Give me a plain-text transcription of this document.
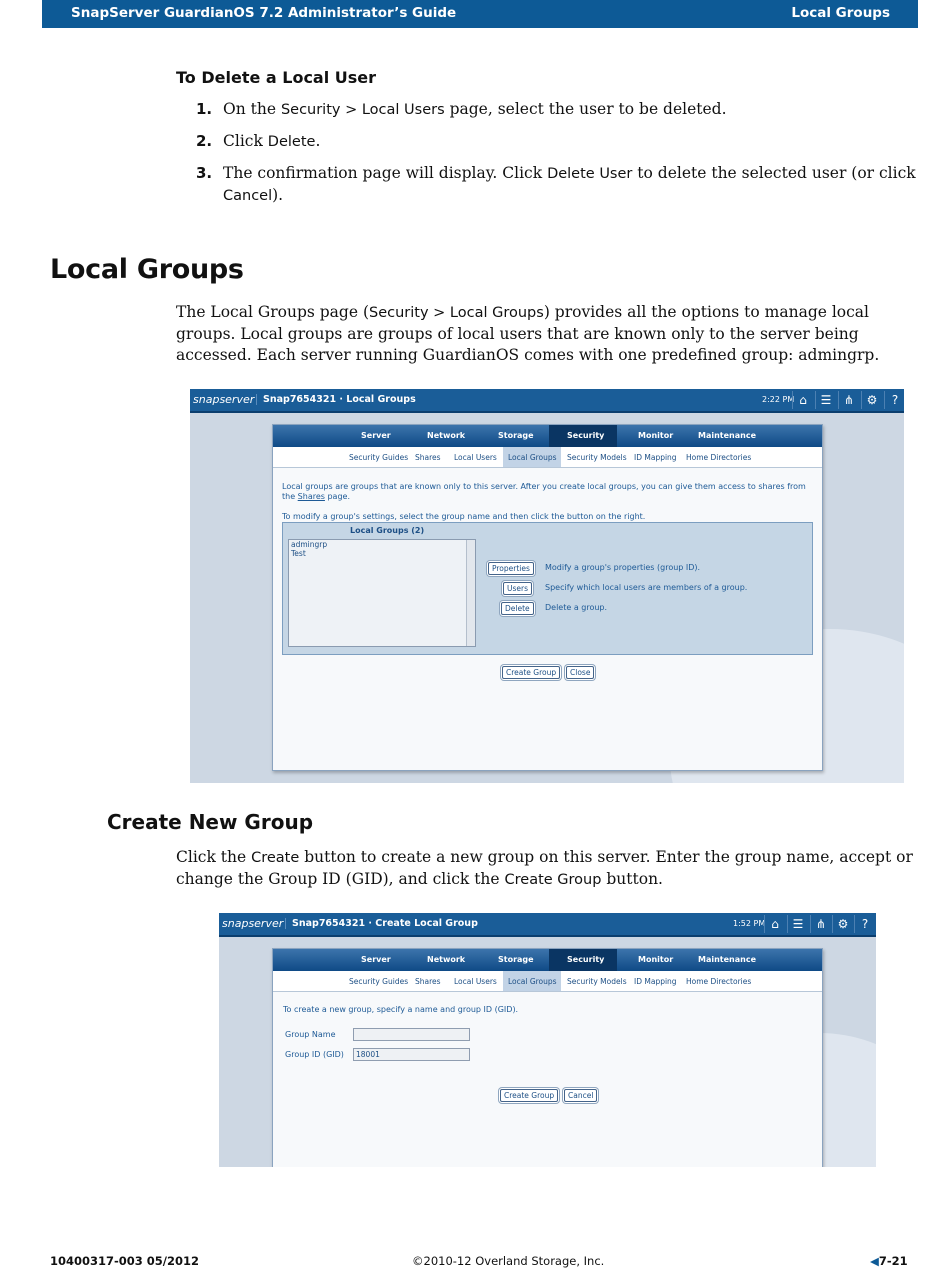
SnapServer GuardianOS 7.2 Administrator’s Guide	Local Groups
To Delete a Local User
1. On the Security > Local Users page, select the user to be deleted.
2. Click Delete.
3. The confirmation page will display. Click Delete User to delete the selected user (or click Cancel).
Local Groups
The Local Groups page (Security > Local Groups) provides all the options to manage local groups. Local groups are groups of local users that are known only to the server being accessed. Each server running GuardianOS comes with one predefined group: admingrp.
snapserver Snap7654321 · Local Groups	2:22 PM ⌂	☰	⋔	⚙	?
Server	Network	Storage	Security	Monitor	Maintenance
Security Guides Shares Local Users Local Groups Security Models ID Mapping Home Directories
Local groups are groups that are known only to this server. After you create local groups, you can give them access to shares from
the Shares page.
To modify a group's settings, select the group name and then click the button on the right.
Local Groups (2)
admingrp
Test
Properties	Modify a group's properties (group ID).
Users	Specify which local users are members of a group.
Delete	Delete a group.
Create Group	Close
Create New Group
Click the Create button to create a new group on this server. Enter the group name, accept or change the Group ID (GID), and click the Create Group button.
snapserver Snap7654321 · Create Local Group	1:52 PM ⌂	☰	⋔ ⚙	?
Server	Network	Storage	Security	Monitor	Maintenance
Security Guides Shares Local Users Local Groups Security Models ID Mapping Home Directories
To create a new group, specify a name and group ID (GID).
Group Name
Group ID (GID)	18001
Create Group	Cancel
10400317-003 05/2012	©2010-12 Overland Storage, Inc.	◀7-21
